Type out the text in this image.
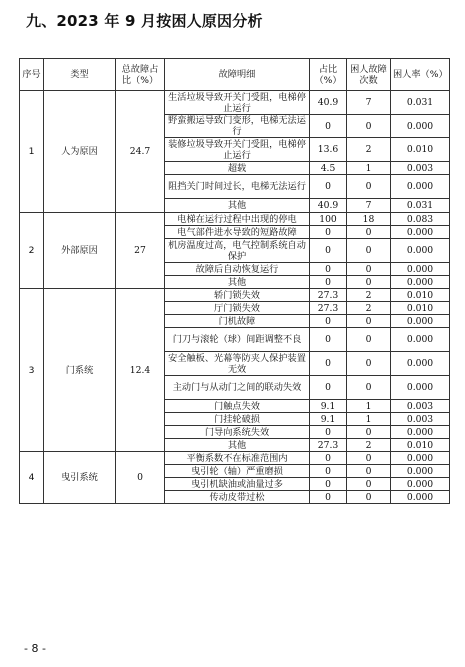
九、2023 年 9 月按困人原因分析
序号	类型	总故障占比（%）	故障明细	占比（%）	困人故障次数	困人率（%）
1	人为原因	24.7	生活垃圾导致开关门受阻，电梯停止运行	40.9	7	0.031
			野蛮搬运导致门变形，电梯无法运行	0	0	0.000
			装修垃圾导致开关门受阻，电梯停止运行	13.6	2	0.010
			超载	4.5	1	0.003
			阻挡关门时间过长，电梯无法运行	0	0	0.000
			其他	40.9	7	0.031
2	外部原因	27	电梯在运行过程中出现的停电	100	18	0.083
			电气部件进水导致的短路故障	0	0	0.000
			机房温度过高，电气控制系统自动保护	0	0	0.000
			故障后自动恢复运行	0	0	0.000
			其他	0	0	0.000
3	门系统	12.4	轿门锁失效	27.3	2	0.010
			厅门锁失效	27.3	2	0.010
			门机故障	0	0	0.000
			门刀与滚轮（球）间距调整不良	0	0	0.000
			安全触板、光幕等防夹人保护装置无效	0	0	0.000
			主动门与从动门之间的联动失效	0	0	0.000
			门触点失效	9.1	1	0.003
			门挂轮破损	9.1	1	0.003
			门导向系统失效	0	0	0.000
			其他	27.3	2	0.010
4	曳引系统	0	平衡系数不在标准范围内	0	0	0.000
			曳引轮（轴）严重磨损	0	0	0.000
			曳引机缺油或油量过多	0	0	0.000
			传动皮带过松	0	0	0.000
- 8 -
